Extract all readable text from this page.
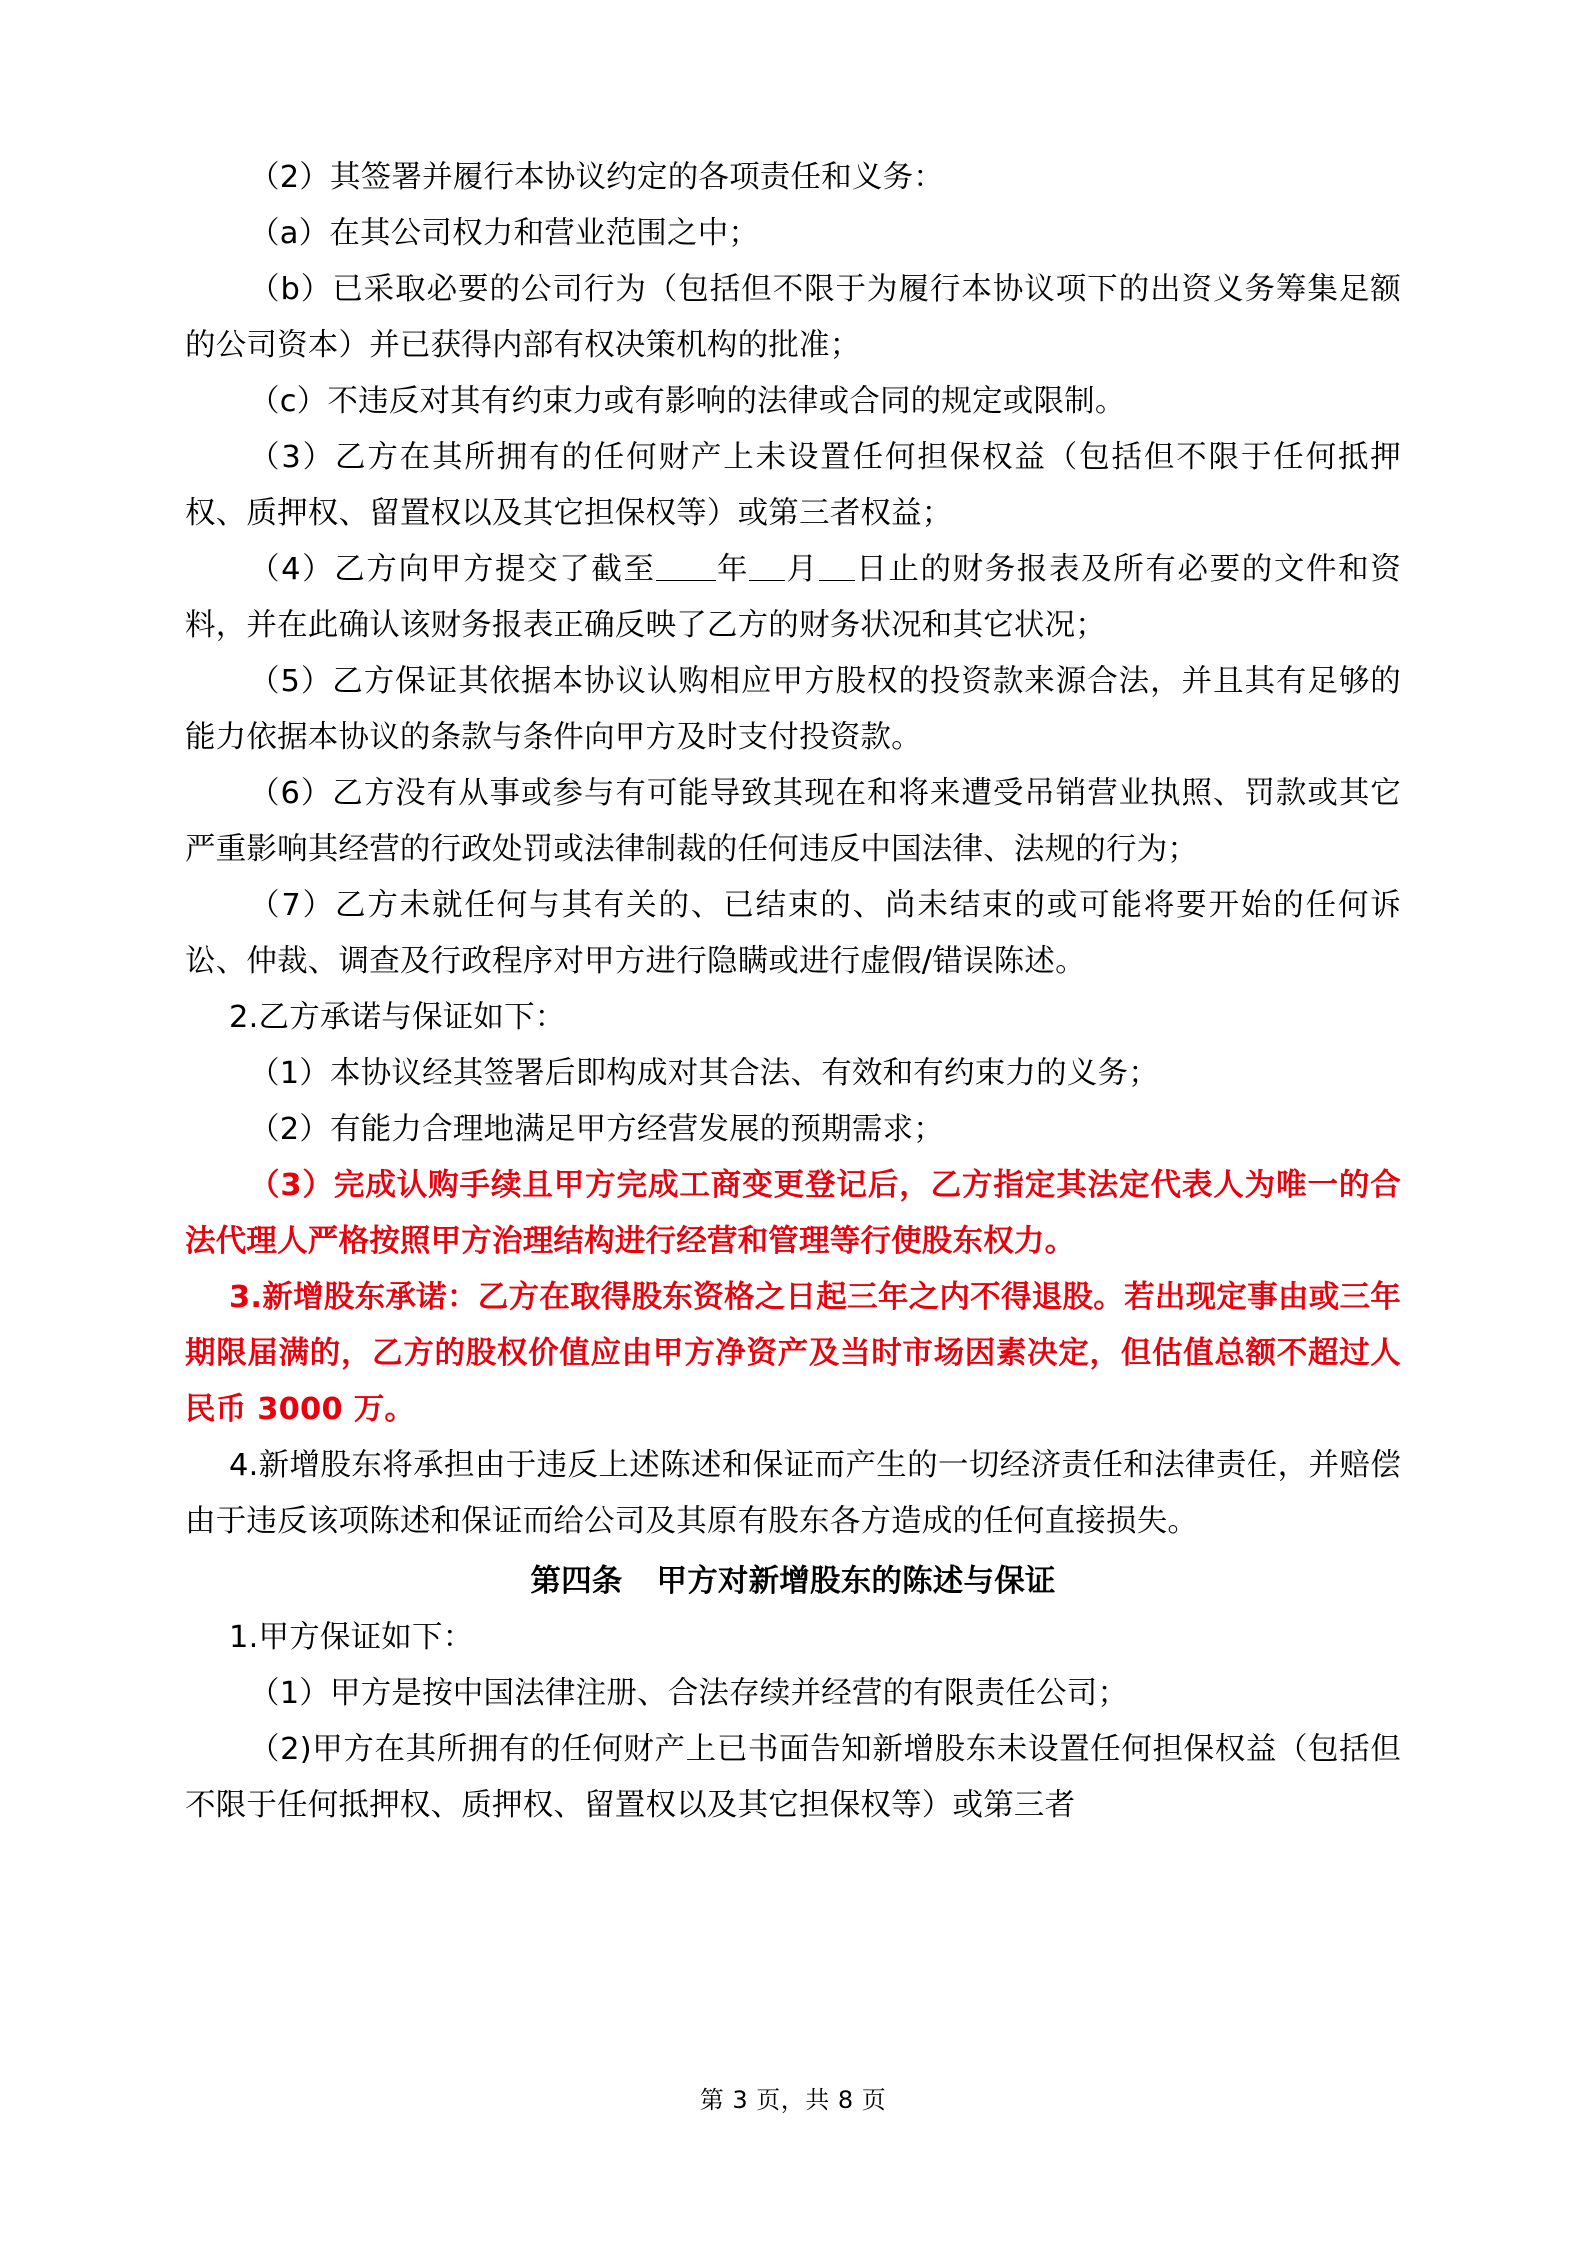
（2）其签署并履行本协议约定的各项责任和义务：

（a）在其公司权力和营业范围之中；

（b）已采取必要的公司行为（包括但不限于为履行本协议项下的出资义务筹集足额的公司资本）并已获得内部有权决策机构的批准；

（c）不违反对其有约束力或有影响的法律或合同的规定或限制。

（3）乙方在其所拥有的任何财产上未设置任何担保权益（包括但不限于任何抵押权、质押权、留置权以及其它担保权等）或第三者权益；

（4）乙方向甲方提交了截至 年 月 日止的财务报表及所有必要的文件和资料，并在此确认该财务报表正确反映了乙方的财务状况和其它状况；

（5）乙方保证其依据本协议认购相应甲方股权的投资款来源合法，并且其有足够的能力依据本协议的条款与条件向甲方及时支付投资款。

（6）乙方没有从事或参与有可能导致其现在和将来遭受吊销营业执照、罚款或其它严重影响其经营的行政处罚或法律制裁的任何违反中国法律、法规的行为；

（7）乙方未就任何与其有关的、已结束的、尚未结束的或可能将要开始的任何诉讼、仲裁、调查及行政程序对甲方进行隐瞒或进行虚假/错误陈述。

2.乙方承诺与保证如下：

（1）本协议经其签署后即构成对其合法、有效和有约束力的义务；

（2）有能力合理地满足甲方经营发展的预期需求；

（3）完成认购手续且甲方完成工商变更登记后，乙方指定其法定代表人为唯一的合法代理人严格按照甲方治理结构进行经营和管理等行使股东权力。

3.新增股东承诺：乙方在取得股东资格之日起三年之内不得退股。若出现定事由或三年期限届满的，乙方的股权价值应由甲方净资产及当时市场因素决定，但估值总额不超过人民币 3000 万。

4.新增股东将承担由于违反上述陈述和保证而产生的一切经济责任和法律责任，并赔偿由于违反该项陈述和保证而给公司及其原有股东各方造成的任何直接损失。

第四条 甲方对新增股东的陈述与保证

1.甲方保证如下：

（1）甲方是按中国法律注册、合法存续并经营的有限责任公司；

（2)甲方在其所拥有的任何财产上已书面告知新增股东未设置任何担保权益（包括但不限于任何抵押权、质押权、留置权以及其它担保权等）或第三者

第 3 页，共 8 页
